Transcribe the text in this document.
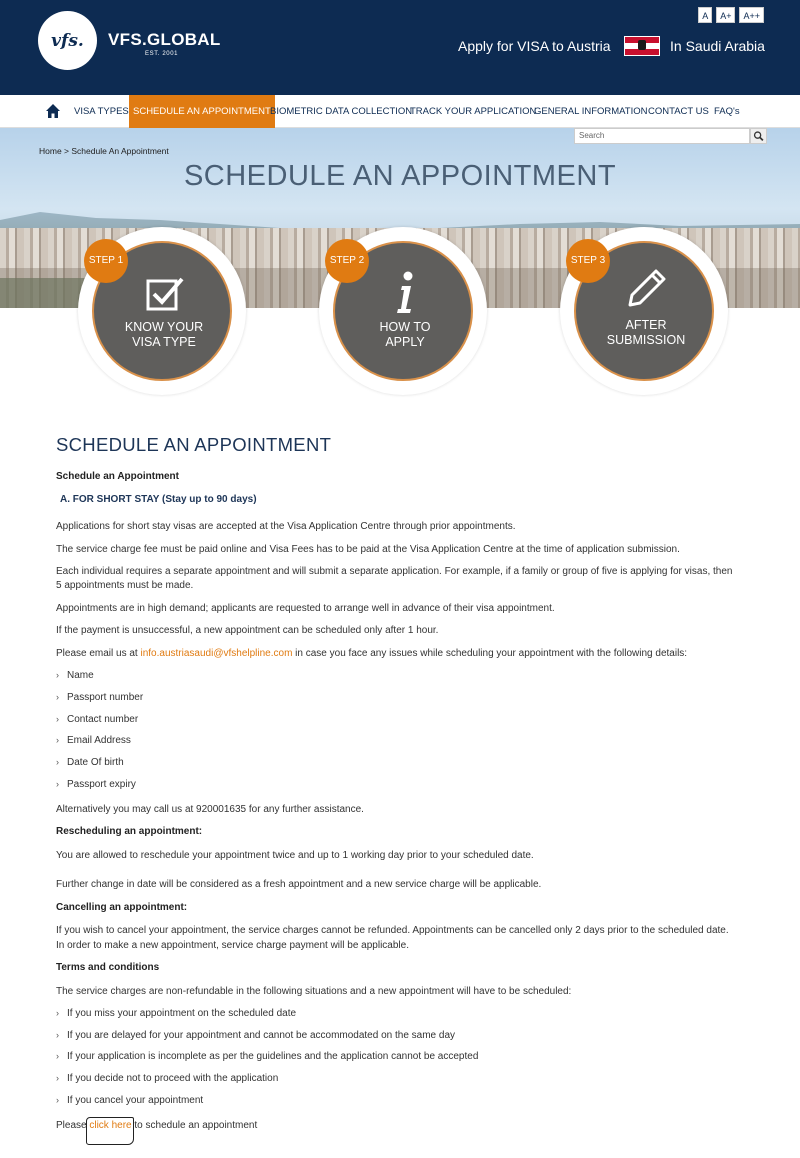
vfs. VFS.GLOBAL
EST. 2001
A	A+	A++
Apply for VISA to Austria	In Saudi Arabia
VISA TYPES SCHEDULE AN APPOINTMENT BIOMETRIC DATA COLLECTION
TRACK YOUR APPLICATION
GENERAL INFORMATION CONTACT US FAQ's
Search
Home > Schedule An Appointment
SCHEDULE AN APPOINTMENT
KNOW YOUR
VISA TYPE
STEP 1
HOW TO
APPLY
STEP 2
AFTER
SUBMISSION
STEP 3
SCHEDULE AN APPOINTMENT
Schedule an Appointment
A. FOR SHORT STAY (Stay up to 90 days)
Applications for short stay visas are accepted at the Visa Application Centre through prior appointments.
The service charge fee must be paid online and Visa Fees has to be paid at the Visa Application Centre at the time of application submission.
Each individual requires a separate appointment and will submit a separate application. For example, if a family or group of five is applying for visas, then
5 appointments must be made.
Appointments are in high demand; applicants are requested to arrange well in advance of their visa appointment.
If the payment is unsuccessful, a new appointment can be scheduled only after 1 hour.
Please email us at info.austriasaudi@vfshelpline.com in case you face any issues while scheduling your appointment with the following details:
› Name
› Passport number
› Contact number
› Email Address
› Date Of birth
› Passport expiry
Alternatively you may call us at 920001635 for any further assistance.
Rescheduling an appointment:
You are allowed to reschedule your appointment twice and up to 1 working day prior to your scheduled date.
Further change in date will be considered as a fresh appointment and a new service charge will be applicable.
Cancelling an appointment:
If you wish to cancel your appointment, the service charges cannot be refunded. Appointments can be cancelled only 2 days prior to the scheduled date.
In order to make a new appointment, service charge payment will be applicable.
Terms and conditions
The service charges are non-refundable in the following situations and a new appointment will have to be scheduled:
› If you miss your appointment on the scheduled date
› If you are delayed for your appointment and cannot be accommodated on the same day
› If your application is incomplete as per the guidelines and the application cannot be accepted
› If you decide not to proceed with the application
› If you cancel your appointment
Please click here to schedule an appointment
